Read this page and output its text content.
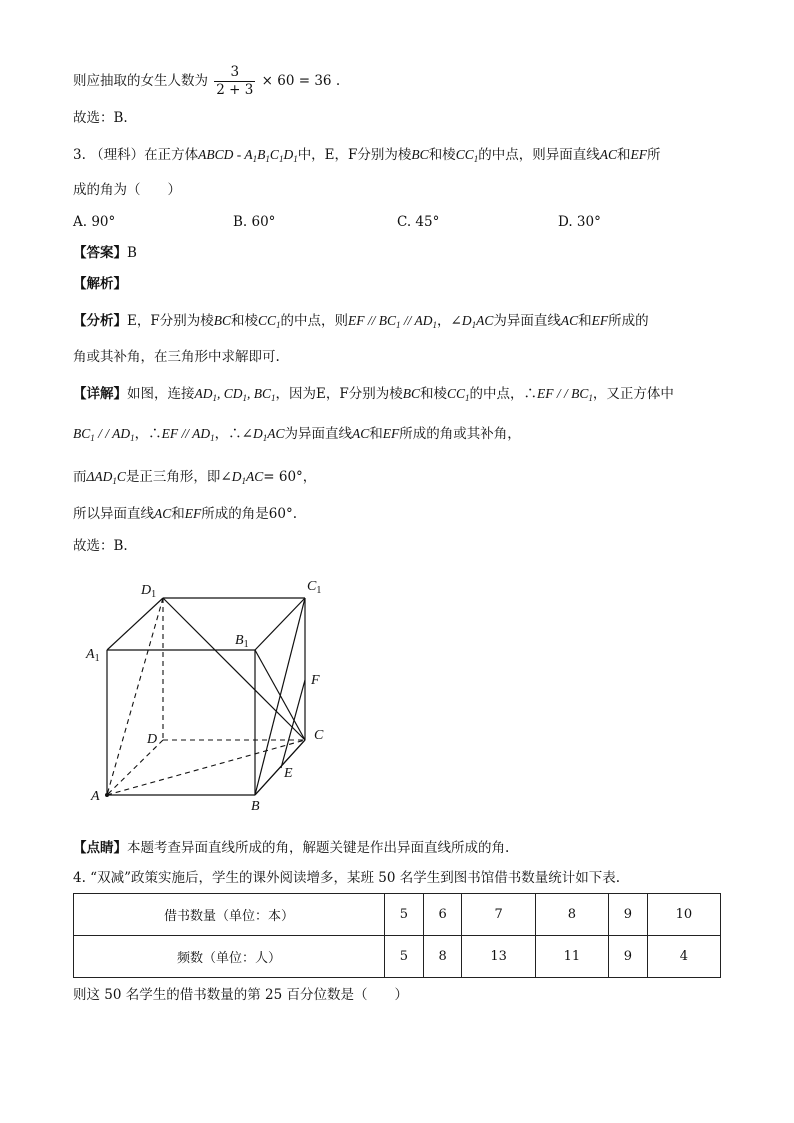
则应抽取的女生人数为 $\frac{3}{2 + 3} \times 60 = 36$ .
故选：B.
3. （理科）在正方体ABCD - $A_1B_1C_1D_1$中，E，F分别为棱BC和棱$CC_1$的中点，则异面直线AC和EF所
成的角为（　　）
A. 90°	B. 60°	C. 45°	D. 30°
【答案】B
【解析】
【分析】E，F分别为棱BC和棱$CC_1$的中点，则EF // $BC_1 // AD_1$，$\angle D_1AC$为异面直线AC和EF所成的
角或其补角，在三角形中求解即可.
【详解】如图，连接$AD_1$, $CD_1$, $BC_1$，因为E，F分别为棱BC和棱$CC_1$的中点，∴EF / / $BC_1$，又正方体中
$BC_1$ / / $AD_1$，∴EF // $AD_1$，$\therefore\angle D_1AC$为异面直线AC和EF所成的角或其补角，
而$\Delta AD_1C$是正三角形，即$\angle D_1AC= 60^\circ$，
所以异面直线AC和EF所成的角是60°.
故选：B.
$D_1$
$C_1$
$B_1$
$A_1$
F
D	C
E
A
B
【点睛】本题考查异面直线所成的角，解题关键是作出异面直线所成的角.
4. “双减”政策实施后，学生的课外阅读增多，某班 50 名学生到图书馆借书数量统计如下表.
借书数量（单位：本）	5	6	7	8	9	10
频数（单位：人）	5	8	13	11	9	4
则这 50 名学生的借书数量的第 25 百分位数是（　　）
